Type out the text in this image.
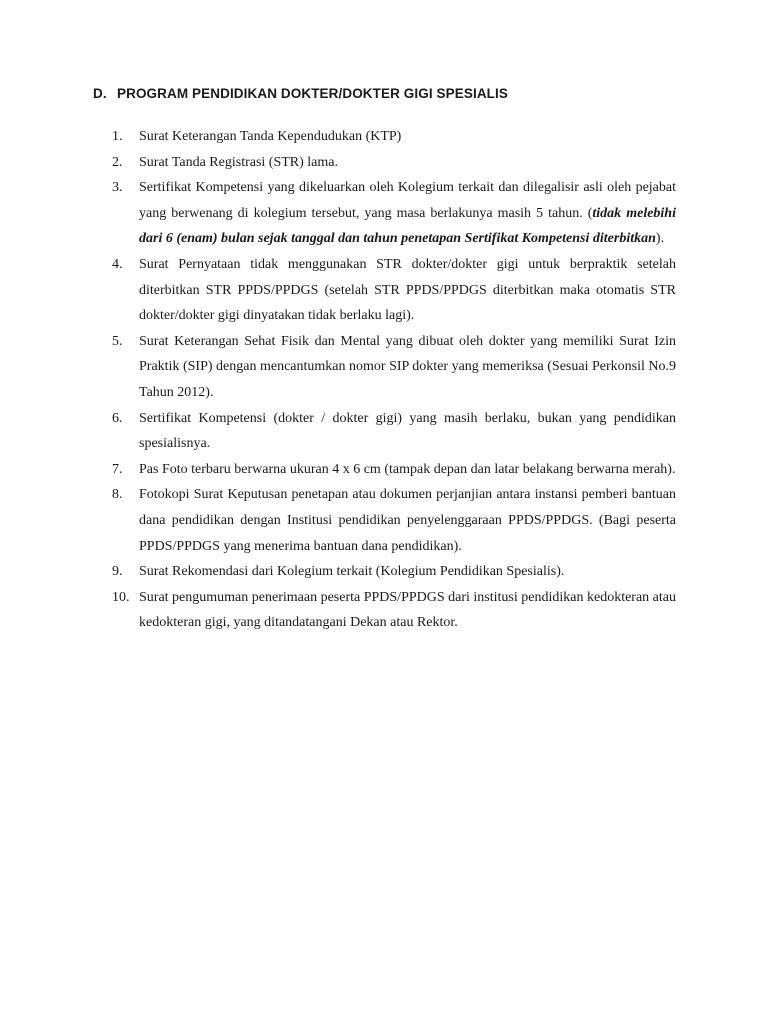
D. PROGRAM PENDIDIKAN DOKTER/DOKTER GIGI SPESIALIS
1.	Surat Keterangan Tanda Kependudukan (KTP)
2.	Surat Tanda Registrasi (STR) lama.
3.	Sertifikat Kompetensi yang dikeluarkan oleh Kolegium terkait dan dilegalisir asli oleh pejabat yang berwenang di kolegium tersebut, yang masa berlakunya masih 5 tahun. (tidak melebihi dari 6 (enam) bulan sejak tanggal dan tahun penetapan Sertifikat Kompetensi diterbitkan).
4.	Surat Pernyataan tidak menggunakan STR dokter/dokter gigi untuk berpraktik setelah diterbitkan STR PPDS/PPDGS (setelah STR PPDS/PPDGS diterbitkan maka otomatis STR dokter/dokter gigi dinyatakan tidak berlaku lagi).
5.	Surat Keterangan Sehat Fisik dan Mental yang dibuat oleh dokter yang memiliki Surat Izin Praktik (SIP) dengan mencantumkan nomor SIP dokter yang memeriksa (Sesuai Perkonsil No.9 Tahun 2012).
6.	Sertifikat Kompetensi (dokter / dokter gigi) yang masih berlaku, bukan yang pendidikan spesialisnya.
7.	Pas Foto terbaru berwarna ukuran 4 x 6 cm (tampak depan dan latar belakang berwarna merah).
8.	Fotokopi Surat Keputusan penetapan atau dokumen perjanjian antara instansi pemberi bantuan dana pendidikan dengan Institusi pendidikan penyelenggaraan PPDS/PPDGS. (Bagi peserta PPDS/PPDGS yang menerima bantuan dana pendidikan).
9.	Surat Rekomendasi dari Kolegium terkait (Kolegium Pendidikan Spesialis).
10. Surat pengumuman penerimaan peserta PPDS/PPDGS dari institusi pendidikan kedokteran atau kedokteran gigi, yang ditandatangani Dekan atau Rektor.
